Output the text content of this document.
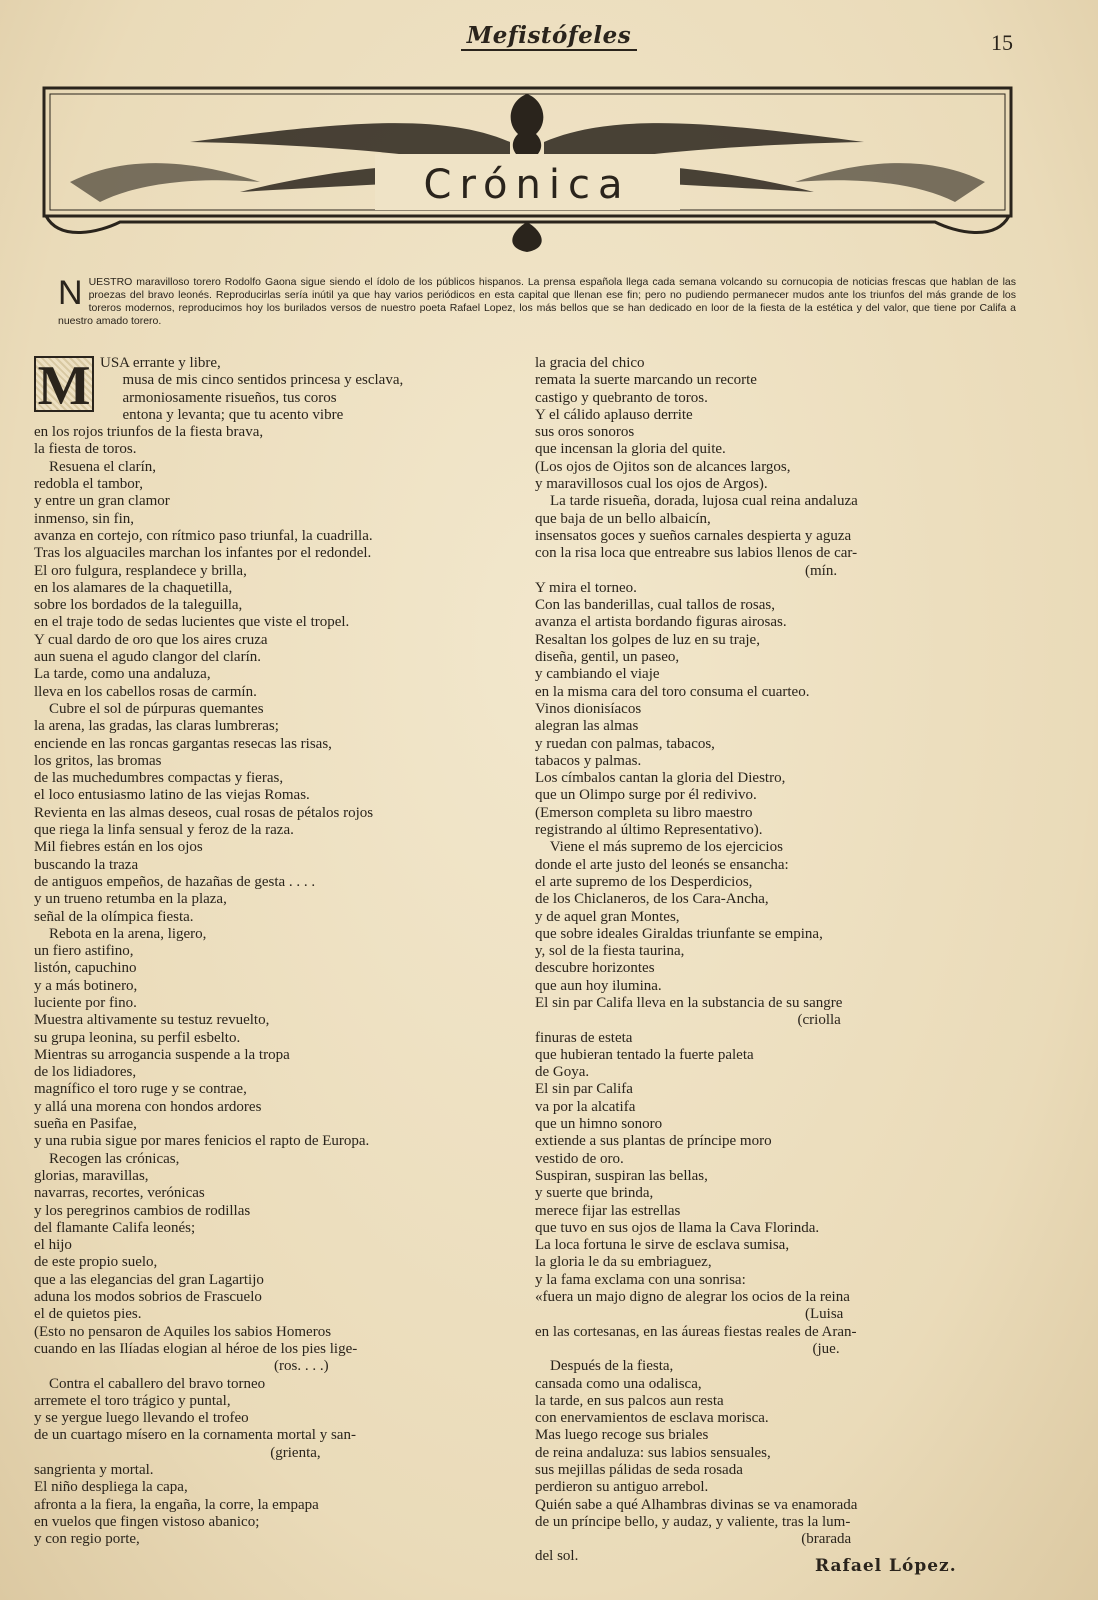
Mefistófeles	15
Crónica
NUESTRO maravilloso torero Rodolfo Gaona sigue siendo el ídolo de los públicos hispanos. La prensa española llega cada semana volcando su cornucopia de noticias frescas que hablan de las proezas del bravo leonés. Reproducirlas sería inútil ya que hay varios periódicos en esta capital que llenan ese fin; pero no pudiendo permanecer mudos ante los triunfos del más grande de los toreros modernos, reproducimos hoy los burilados versos de nuestro poeta Rafael Lopez, los más bellos que se han dedicado en loor de la fiesta de la estética y del valor, que tiene por Califa a nuestro amado torero.
M USA errante y libre,
musa de mis cinco sentidos princesa y esclava,
armoniosamente risueños, tus coros
entona y levanta; que tu acento vibre
en los rojos triunfos de la fiesta brava,
la fiesta de toros.
Resuena el clarín,
redobla el tambor,
y entre un gran clamor
inmenso, sin fin,
avanza en cortejo, con rítmico paso triunfal, la cuadrilla.
Tras los alguaciles marchan los infantes por el redondel.
El oro fulgura, resplandece y brilla,
en los alamares de la chaquetilla,
sobre los bordados de la taleguilla,
en el traje todo de sedas lucientes que viste el tropel.
Y cual dardo de oro que los aires cruza
aun suena el agudo clangor del clarín.
La tarde, como una andaluza,
lleva en los cabellos rosas de carmín.
Cubre el sol de púrpuras quemantes
la arena, las gradas, las claras lumbreras;
enciende en las roncas gargantas resecas las risas,
los gritos, las bromas
de las muchedumbres compactas y fieras,
el loco entusiasmo latino de las viejas Romas.
Revienta en las almas deseos, cual rosas de pétalos rojos
que riega la linfa sensual y feroz de la raza.
Mil fiebres están en los ojos
buscando la traza
de antiguos empeños, de hazañas de gesta . . . .
y un trueno retumba en la plaza,
señal de la olímpica fiesta.
Rebota en la arena, ligero,
un fiero astifino,
listón, capuchino
y a más botinero,
luciente por fino.
Muestra altivamente su testuz revuelto,
su grupa leonina, su perfil esbelto.
Mientras su arrogancia suspende a la tropa
de los lidiadores,
magnífico el toro ruge y se contrae,
y allá una morena con hondos ardores
sueña en Pasifae,
y una rubia sigue por mares fenicios el rapto de Europa.
Recogen las crónicas,
glorias, maravillas,
navarras, recortes, verónicas
y los peregrinos cambios de rodillas
del flamante Califa leonés;
el hijo
de este propio suelo,
que a las elegancias del gran Lagartijo
aduna los modos sobrios de Frascuelo
el de quietos pies.
(Esto no pensaron de Aquiles los sabios Homeros
cuando en las Ilíadas elogian al héroe de los pies lige-
(ros. . . .)
Contra el caballero del bravo torneo
arremete el toro trágico y puntal,
y se yergue luego llevando el trofeo
de un cuartago mísero en la cornamenta mortal y san-
(grienta,
sangrienta y mortal.
El niño despliega la capa,
afronta a la fiera, la engaña, la corre, la empapa
en vuelos que fingen vistoso abanico;
y con regio porte,
la gracia del chico
remata la suerte marcando un recorte
castigo y quebranto de toros.
Y el cálido aplauso derrite
sus oros sonoros
que incensan la gloria del quite.
(Los ojos de Ojitos son de alcances largos,
y maravillosos cual los ojos de Argos).
La tarde risueña, dorada, lujosa cual reina andaluza
que baja de un bello albaicín,
insensatos goces y sueños carnales despierta y aguza
con la risa loca que entreabre sus labios llenos de car-
(mín.
Y mira el torneo.
Con las banderillas, cual tallos de rosas,
avanza el artista bordando figuras airosas.
Resaltan los golpes de luz en su traje,
diseña, gentil, un paseo,
y cambiando el viaje
en la misma cara del toro consuma el cuarteo.
Vinos dionisíacos
alegran las almas
y ruedan con palmas, tabacos,
tabacos y palmas.
Los címbalos cantan la gloria del Diestro,
que un Olimpo surge por él redivivo.
(Emerson completa su libro maestro
registrando al último Representativo).
Viene el más supremo de los ejercicios
donde el arte justo del leonés se ensancha:
el arte supremo de los Desperdicios,
de los Chiclaneros, de los Cara-Ancha,
y de aquel gran Montes,
que sobre ideales Giraldas triunfante se empina,
y, sol de la fiesta taurina,
descubre horizontes
que aun hoy ilumina.
El sin par Califa lleva en la substancia de su sangre
(criolla
finuras de esteta
que hubieran tentado la fuerte paleta
de Goya.
El sin par Califa
va por la alcatifa
que un himno sonoro
extiende a sus plantas de príncipe moro
vestido de oro.
Suspiran, suspiran las bellas,
y suerte que brinda,
merece fijar las estrellas
que tuvo en sus ojos de llama la Cava Florinda.
La loca fortuna le sirve de esclava sumisa,
la gloria le da su embriaguez,
y la fama exclama con una sonrisa:
«fuera un majo digno de alegrar los ocios de la reina
(Luisa
en las cortesanas, en las áureas fiestas reales de Aran-
(jue.
Después de la fiesta,
cansada como una odalisca,
la tarde, en sus palcos aun resta
con enervamientos de esclava morisca.
Mas luego recoge sus briales
de reina andaluza: sus labios sensuales,
sus mejillas pálidas de seda rosada
perdieron su antiguo arrebol.
Quién sabe a qué Alhambras divinas se va enamorada
de un príncipe bello, y audaz, y valiente, tras la lum-
(brarada
del sol.	Rafael López.
